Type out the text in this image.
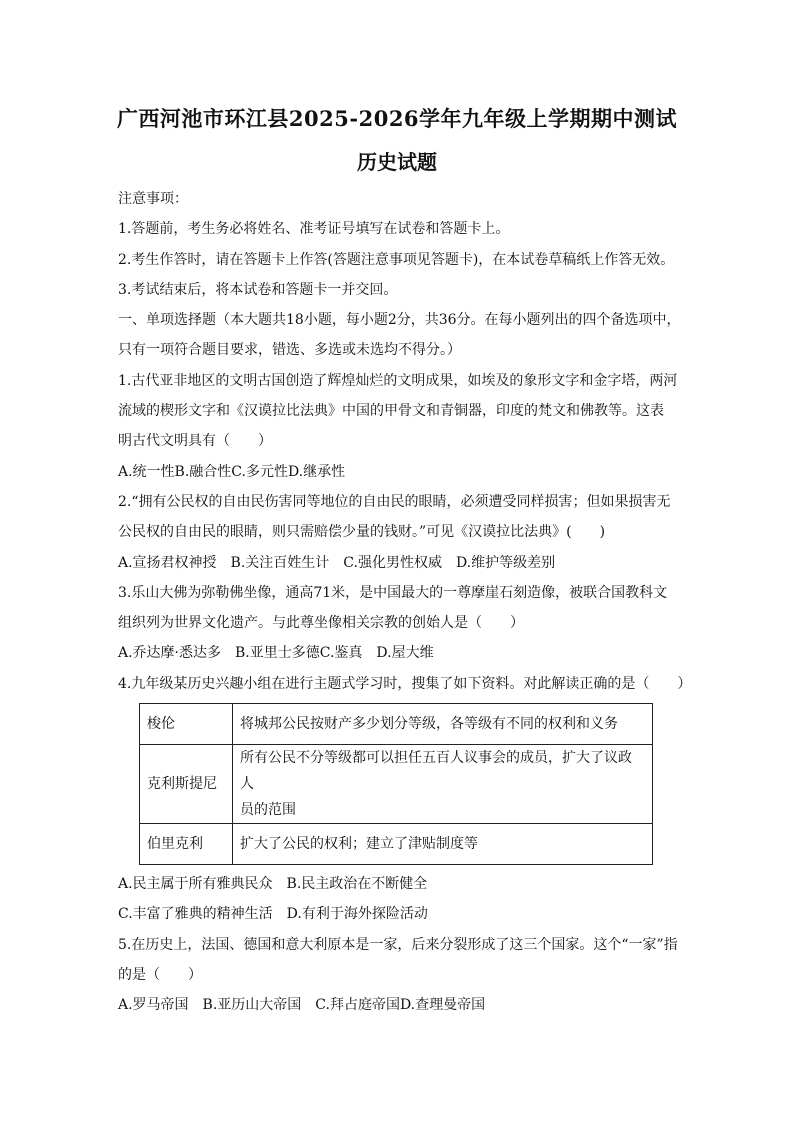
广西河池市环江县2025-2026学年九年级上学期期中测试
历史试题
注意事项：
1.答题前，考生务必将姓名、准考证号填写在试卷和答题卡上。
2.考生作答时，请在答题卡上作答(答题注意事项见答题卡)，在本试卷草稿纸上作答无效。
3.考试结束后，将本试卷和答题卡一并交回。
一、单项选择题（本大题共18小题，每小题2分，共36分。在每小题列出的四个备选项中，
只有一项符合题目要求，错选、多选或未选均不得分。）
1.古代亚非地区的文明古国创造了辉煌灿烂的文明成果，如埃及的象形文字和金字塔，两河
流域的楔形文字和《汉谟拉比法典》中国的甲骨文和青铜器，印度的梵文和佛教等。这表
明古代文明具有（　　）
A.统一性B.融合性C.多元性D.继承性
2.“拥有公民权的自由民伤害同等地位的自由民的眼睛，必须遭受同样损害；但如果损害无
公民权的自由民的眼睛，则只需赔偿少量的钱财。”可见《汉谟拉比法典》(　　)
A.宣扬君权神授　B.关注百姓生计　C.强化男性权威　D.维护等级差别
3.乐山大佛为弥勒佛坐像，通高71米，是中国最大的一尊摩崖石刻造像，被联合国教科文
组织列为世界文化遗产。与此尊坐像相关宗教的创始人是（　　）
A.乔达摩·悉达多　B.亚里士多德C.鉴真　D.屋大维
4.九年级某历史兴趣小组在进行主题式学习时，搜集了如下资料。对此解读正确的是（　　）
梭伦	将城邦公民按财产多少划分等级，各等级有不同的权利和义务
克利斯提尼	所有公民不分等级都可以担任五百人议事会的成员，扩大了议政人
员的范围

伯里克利	扩大了公民的权利；建立了津贴制度等
A.民主属于所有雅典民众　B.民主政治在不断健全
C.丰富了雅典的精神生活　D.有利于海外探险活动
5.在历史上，法国、德国和意大利原本是一家，后来分裂形成了这三个国家。这个“一家”指
的是（　　）
A.罗马帝国　B.亚历山大帝国　C.拜占庭帝国D.查理曼帝国
